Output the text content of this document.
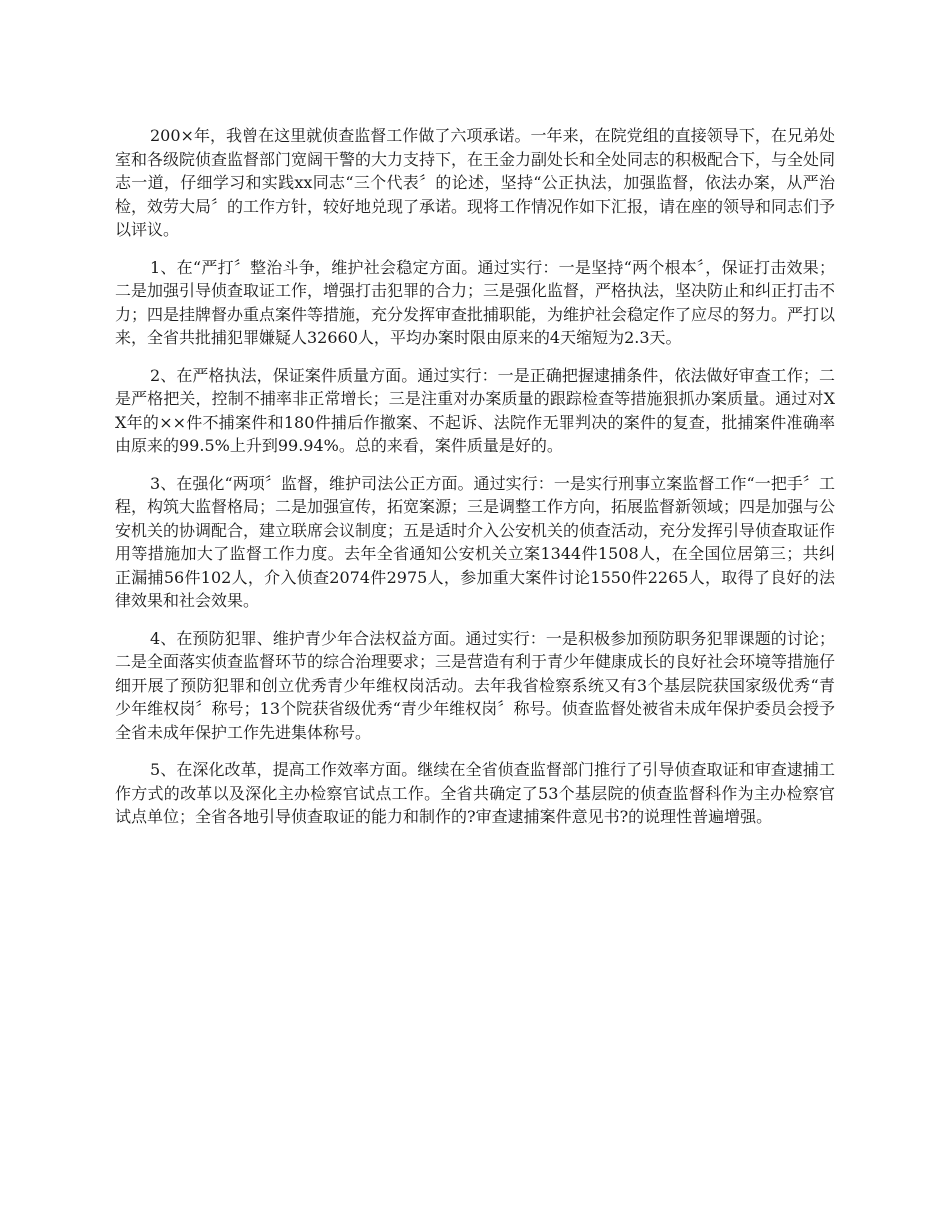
200×年，我曾在这里就侦查监督工作做了六项承诺。一年来，在院党组的直接领导下，在兄弟处室和各级院侦查监督部门宽阔干警的大力支持下，在王金力副处长和全处同志的积极配合下，与全处同志一道，仔细学习和实践xx同志“三个代表〞的论述，坚持“公正执法，加强监督，依法办案，从严治检，效劳大局〞的工作方针，较好地兑现了承诺。现将工作情况作如下汇报，请在座的领导和同志们予以评议。

1、在“严打〞整治斗争，维护社会稳定方面。通过实行：一是坚持“两个根本〞，保证打击效果；二是加强引导侦查取证工作，增强打击犯罪的合力；三是强化监督，严格执法，坚决防止和纠正打击不力；四是挂牌督办重点案件等措施，充分发挥审查批捕职能，为维护社会稳定作了应尽的努力。严打以来，全省共批捕犯罪嫌疑人32660人，平均办案时限由原来的4天缩短为2.3天。

2、在严格执法，保证案件质量方面。通过实行：一是正确把握逮捕条件，依法做好审查工作；二是严格把关，控制不捕率非正常增长；三是注重对办案质量的跟踪检查等措施狠抓办案质量。通过对XX年的××件不捕案件和180件捕后作撤案、不起诉、法院作无罪判决的案件的复查，批捕案件准确率由原来的99.5%上升到99.94%。总的来看，案件质量是好的。

3、在强化“两项〞监督，维护司法公正方面。通过实行：一是实行刑事立案监督工作“一把手〞工程，构筑大监督格局；二是加强宣传，拓宽案源；三是调整工作方向，拓展监督新领域；四是加强与公安机关的协调配合，建立联席会议制度；五是适时介入公安机关的侦查活动，充分发挥引导侦查取证作用等措施加大了监督工作力度。去年全省通知公安机关立案1344件1508人，在全国位居第三；共纠正漏捕56件102人，介入侦查2074件2975人，参加重大案件讨论1550件2265人，取得了良好的法律效果和社会效果。

4、在预防犯罪、维护青少年合法权益方面。通过实行：一是积极参加预防职务犯罪课题的讨论；二是全面落实侦查监督环节的综合治理要求；三是营造有利于青少年健康成长的良好社会环境等措施仔细开展了预防犯罪和创立优秀青少年维权岗活动。去年我省检察系统又有3个基层院获国家级优秀“青少年维权岗〞称号；13个院获省级优秀“青少年维权岗〞称号。侦查监督处被省未成年保护委员会授予全省未成年保护工作先进集体称号。

5、在深化改革，提高工作效率方面。继续在全省侦查监督部门推行了引导侦查取证和审查逮捕工作方式的改革以及深化主办检察官试点工作。全省共确定了53个基层院的侦查监督科作为主办检察官试点单位；全省各地引导侦查取证的能力和制作的?审查逮捕案件意见书?的说理性普遍增强。
